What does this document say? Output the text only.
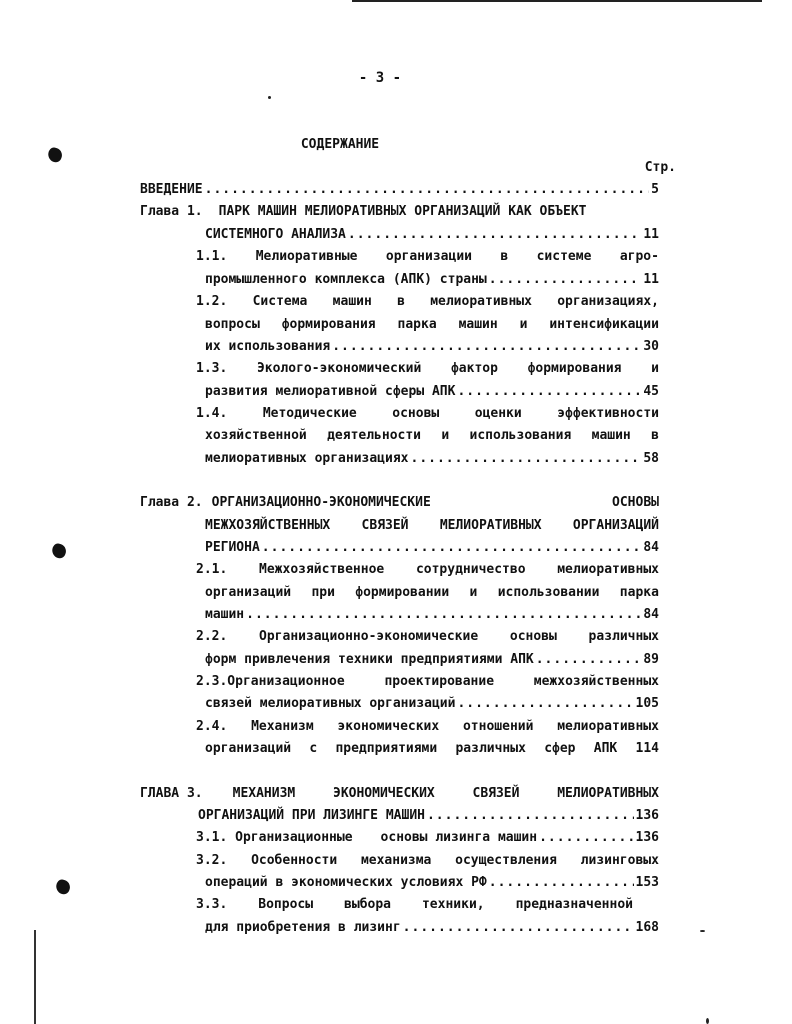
- 3 -
СОДЕРЖАНИЕ
Стр.
ВВЕДЕНИЕ .....	5
Глава 1. ПАРК МАШИН МЕЛИОРАТИВНЫХ ОРГАНИЗАЦИЙ КАК ОБЪЕКТ
СИСТЕМНОГО АНАЛИЗА .....	11
1.1. Мелиоративные организации в системе агро-
промышленного комплекса (АПК) страны .....	11
1.2. Система машин в мелиоративных организациях,
вопросы формирования парка машин и интенсификации
их использования .....	30
1.3. Эколого-экономический фактор формирования и
развития мелиоративной сферы АПК .....	45
1.4.	Методические	основы	оценки	эффективности
хозяйственной деятельности и использования машин в
мелиоративных организациях .....	58
Глава 2. ОРГАНИЗАЦИОННО-ЭКОНОМИЧЕСКИЕ	ОСНОВЫ
МЕЖХОЗЯЙСТВЕННЫХ СВЯЗЕЙ МЕЛИОРАТИВНЫХ ОРГАНИЗАЦИЙ
РЕГИОНА .....	84
2.1. Межхозяйственное сотрудничество мелиоративных
организаций при формировании и использовании парка
машин .....	84
2.2. Организационно-экономические основы различных
форм привлечения техники предприятиями АПК .....	89
2.3.Организационное	проектирование	межхозяйственных
связей мелиоративных организаций .....	105
2.4. Механизм экономических отношений мелиоративных
организаций с предприятиями различных сфер АПК 114
ГЛАВА 3. МЕХАНИЗМ	ЭКОНОМИЧЕСКИХ	СВЯЗЕЙ	МЕЛИОРАТИВНЫХ
ОРГАНИЗАЦИЙ ПРИ ЛИЗИНГЕ МАШИН .....	136
3.1. Организационные основы лизинга машин .....	136
3.2. Особенности механизма осуществления лизинговых
операций в экономических условиях РФ .....	153
3.3. Вопросы выбора техники, предназначенной
для приобретения в лизинг .....	168
